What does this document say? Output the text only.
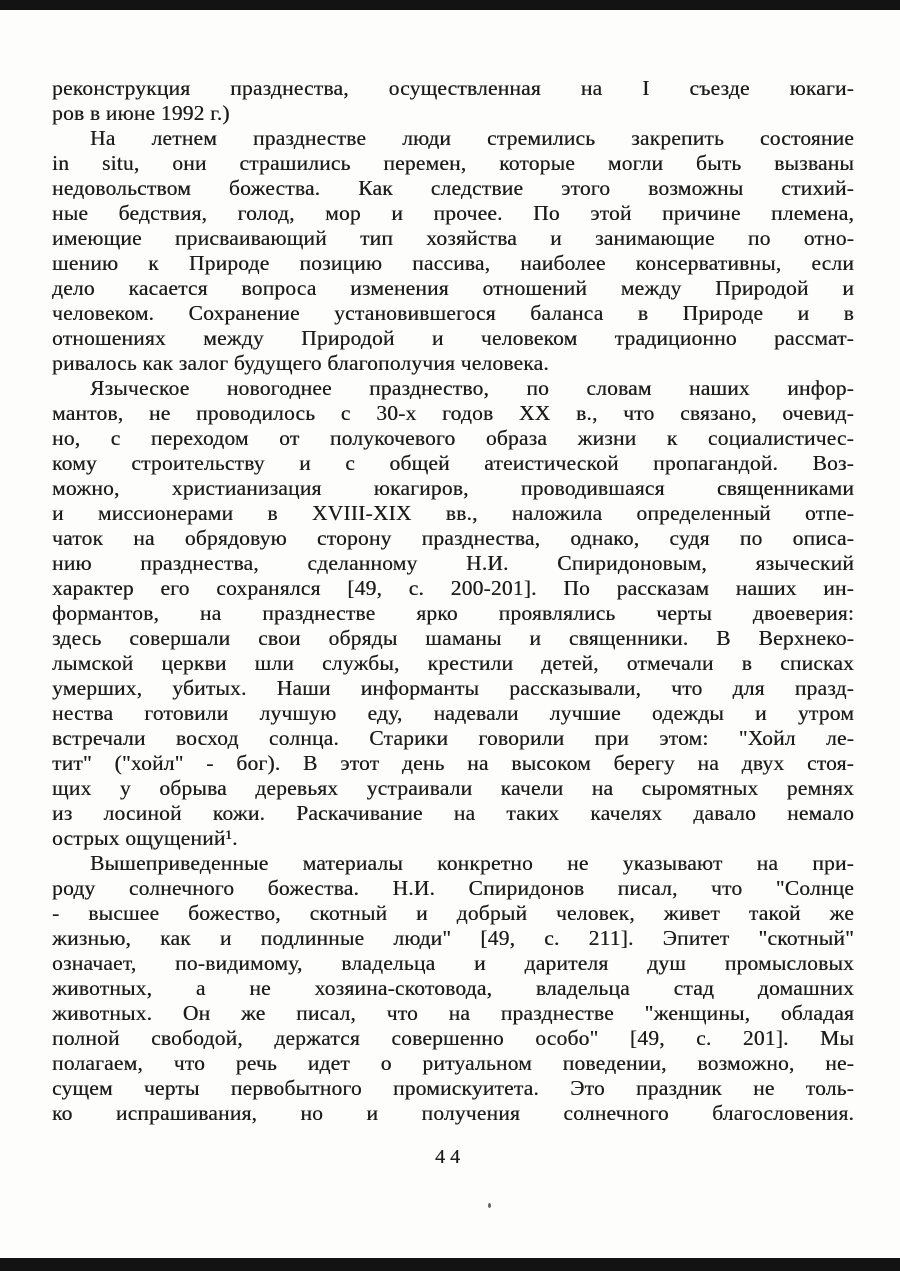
реконструкция празднества, осуществленная на I съезде юкаги-
ров в июне 1992 г.)
На летнем празднестве люди стремились закрепить состояние
in situ, они страшились перемен, которые могли быть вызваны
недовольством божества. Как следствие этого возможны стихий-
ные бедствия, голод, мор и прочее. По этой причине племена,
имеющие присваивающий тип хозяйства и занимающие по отно-
шению к Природе позицию пассива, наиболее консервативны, если
дело касается вопроса изменения отношений между Природой и
человеком. Сохранение установившегося баланса в Природе и в
отношениях между Природой и человеком традиционно рассмат-
ривалось как залог будущего благополучия человека.
Языческое новогоднее празднество, по словам наших инфор-
мантов, не проводилось с 30-х годов XX в., что связано, очевид-
но, с переходом от полукочевого образа жизни к социалистичес-
кому строительству и с общей атеистической пропагандой. Воз-
можно, христианизация юкагиров, проводившаяся священниками
и миссионерами в XVIII-XIX вв., наложила определенный отпе-
чаток на обрядовую сторону празднества, однако, судя по описа-
нию празднества, сделанному Н.И. Спиридоновым, языческий
характер его сохранялся [49, с. 200-201]. По рассказам наших ин-
формантов, на празднестве ярко проявлялись черты двоеверия:
здесь совершали свои обряды шаманы и священники. В Верхнеко-
лымской церкви шли службы, крестили детей, отмечали в списках
умерших, убитых. Наши информанты рассказывали, что для празд-
нества готовили лучшую еду, надевали лучшие одежды и утром
встречали восход солнца. Старики говорили при этом: "Хойл ле-
тит" ("хойл" - бог). В этот день на высоком берегу на двух стоя-
щих у обрыва деревьях устраивали качели на сыромятных ремнях
из лосиной кожи. Раскачивание на таких качелях давало немало
острых ощущений¹.
Вышеприведенные материалы конкретно не указывают на при-
роду солнечного божества. Н.И. Спиридонов писал, что "Солнце
- высшее божество, скотный и добрый человек, живет такой же
жизнью, как и подлинные люди" [49, с. 211]. Эпитет "скотный"
означает, по-видимому, владельца и дарителя душ промысловых
животных, а не хозяина-скотовода, владельца стад домашних
животных. Он же писал, что на празднестве "женщины, обладая
полной свободой, держатся совершенно особо" [49, с. 201]. Мы
полагаем, что речь идет о ритуальном поведении, возможно, не-
сущем черты первобытного промискуитета. Это праздник не толь-
ко испрашивания, но и получения солнечного благословения.
44
